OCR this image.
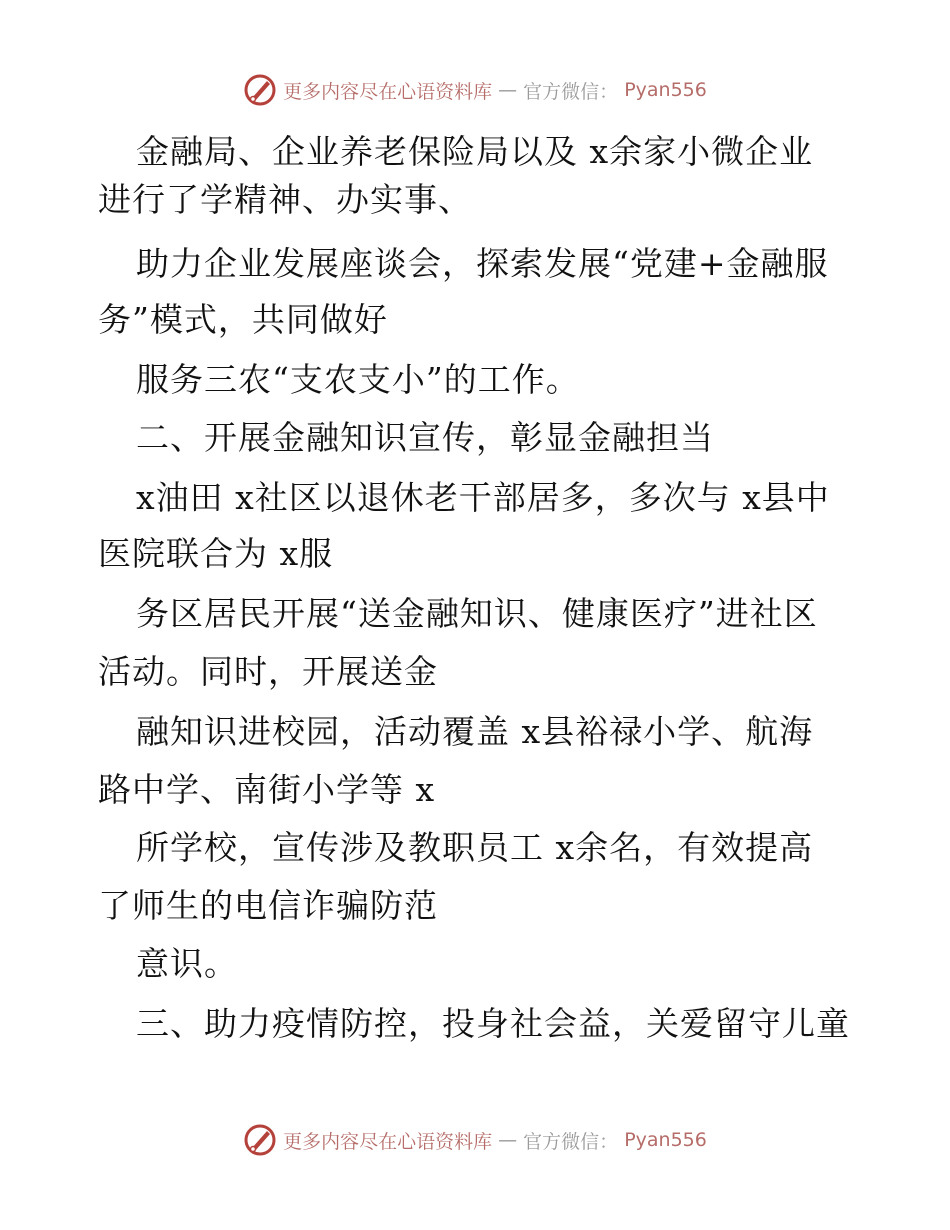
更多内容尽在心语资料库 — 官方微信： Pyan556
金融局、企业养老保险局以及 x余家小微企业
进行了学精神、办实事、
助力企业发展座谈会，探索发展“党建+金融服
务”模式，共同做好
服务三农“支农支小”的工作。
二、开展金融知识宣传，彰显金融担当
x油田 x社区以退休老干部居多，多次与 x县中
医院联合为 x服
务区居民开展“送金融知识、健康医疗”进社区
活动。同时，开展送金
融知识进校园，活动覆盖 x县裕禄小学、航海
路中学、南街小学等 x
所学校，宣传涉及教职员工 x余名，有效提高
了师生的电信诈骗防范
意识。
三、助力疫情防控，投身社会益，关爱留守儿童
更多内容尽在心语资料库 — 官方微信： Pyan556
